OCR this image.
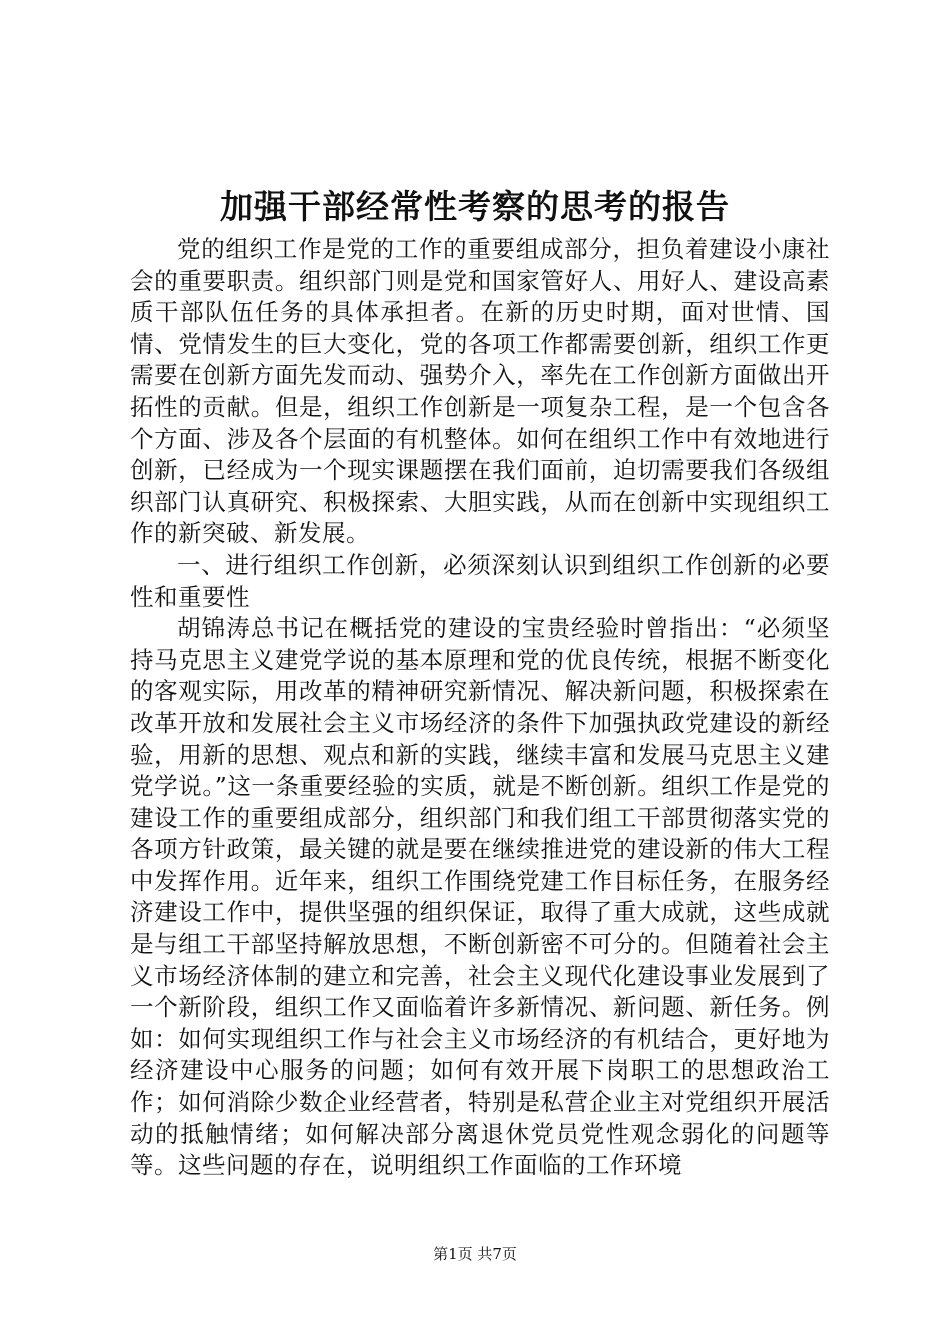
加强干部经常性考察的思考的报告

党的组织工作是党的工作的重要组成部分，担负着建设小康社会的重要职责。组织部门则是党和国家管好人、用好人、建设高素质干部队伍任务的具体承担者。在新的历史时期，面对世情、国情、党情发生的巨大变化，党的各项工作都需要创新，组织工作更需要在创新方面先发而动、强势介入，率先在工作创新方面做出开拓性的贡献。但是，组织工作创新是一项复杂工程，是一个包含各个方面、涉及各个层面的有机整体。如何在组织工作中有效地进行创新，已经成为一个现实课题摆在我们面前，迫切需要我们各级组织部门认真研究、积极探索、大胆实践，从而在创新中实现组织工作的新突破、新发展。

一、进行组织工作创新，必须深刻认识到组织工作创新的必要性和重要性

胡锦涛总书记在概括党的建设的宝贵经验时曾指出：“必须坚持马克思主义建党学说的基本原理和党的优良传统，根据不断变化的客观实际，用改革的精神研究新情况、解决新问题，积极探索在改革开放和发展社会主义市场经济的条件下加强执政党建设的新经验，用新的思想、观点和新的实践，继续丰富和发展马克思主义建党学说。”这一条重要经验的实质，就是不断创新。组织工作是党的建设工作的重要组成部分，组织部门和我们组工干部贯彻落实党的各项方针政策，最关键的就是要在继续推进党的建设新的伟大工程中发挥作用。近年来，组织工作围绕党建工作目标任务，在服务经济建设工作中，提供坚强的组织保证，取得了重大成就，这些成就是与组工干部坚持解放思想，不断创新密不可分的。但随着社会主义市场经济体制的建立和完善，社会主义现代化建设事业发展到了一个新阶段，组织工作又面临着许多新情况、新问题、新任务。例如：如何实现组织工作与社会主义市场经济的有机结合，更好地为经济建设中心服务的问题；如何有效开展下岗职工的思想政治工作；如何消除少数企业经营者，特别是私营企业主对党组织开展活动的抵触情绪；如何解决部分离退休党员党性观念弱化的问题等等。这些问题的存在，说明组织工作面临的工作环境

第1页 共7页
